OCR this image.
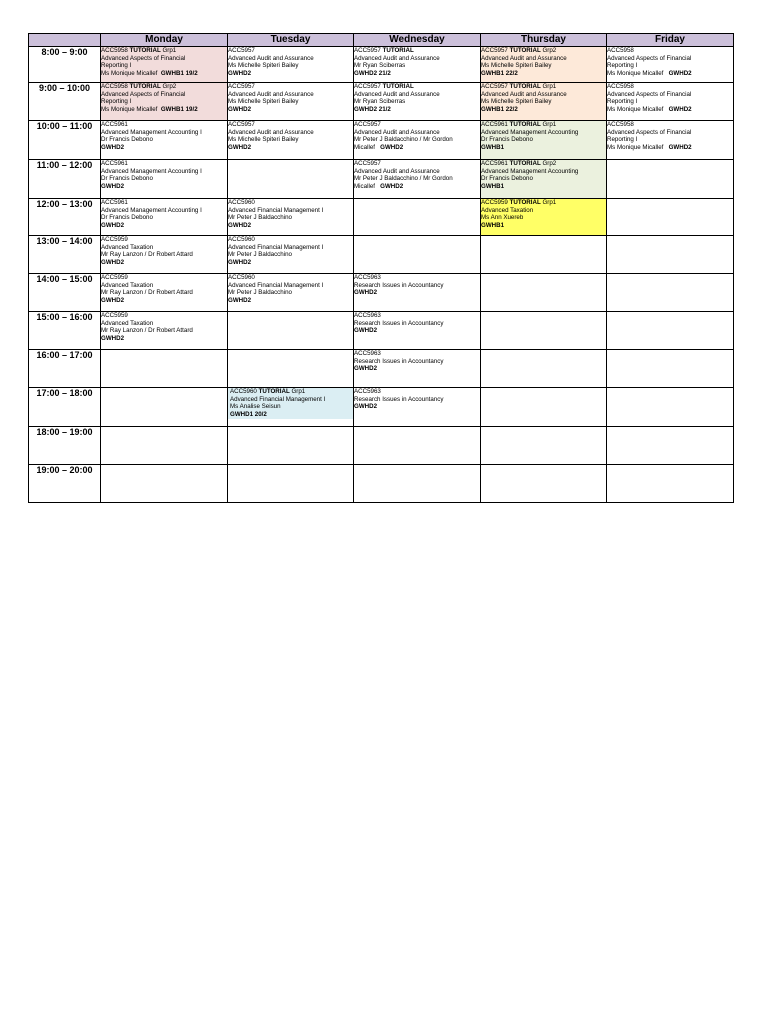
	Monday	Tuesday	Wednesday	Thursday	Friday
8:00 – 9:00	ACC5958 TUTORIAL Grp1
Advanced Aspects of Financial
Reporting I
Ms Monique Micallef GWHB1 19/2	ACC5957
Advanced Audit and Assurance
Ms Michelle Spiteri Bailey
GWHD2	ACC5957 TUTORIAL
Advanced Audit and Assurance
Mr Ryan Sciberras
GWHD2 21/2	ACC5957 TUTORIAL Grp2
Advanced Audit and Assurance
Ms Michelle Spiteri Bailey
GWHB1 22/2	ACC5958
Advanced Aspects of Financial
Reporting I
Ms Monique Micallef GWHD2

9:00 – 10:00	ACC5958 TUTORIAL Grp2
Advanced Aspects of Financial
Reporting I
Ms Monique Micallef GWHB1 19/2	ACC5957
Advanced Audit and Assurance
Ms Michelle Spiteri Bailey
GWHD2	ACC5957 TUTORIAL
Advanced Audit and Assurance
Mr Ryan Sciberras
GWHD2 21/2	ACC5957 TUTORIAL Grp1
Advanced Audit and Assurance
Ms Michelle Spiteri Bailey
GWHB1 22/2	ACC5958
Advanced Aspects of Financial
Reporting I
Ms Monique Micallef GWHD2

10:00 – 11:00	ACC5961
Advanced Management Accounting I
Dr Francis Debono
GWHD2	ACC5957
Advanced Audit and Assurance
Ms Michelle Spiteri Bailey
GWHD2	ACC5957
Advanced Audit and Assurance
Mr Peter J Baldacchino / Mr Gordon
Micallef GWHD2	ACC5961 TUTORIAL Grp1
Advanced Management Accounting
Dr Francis Debono
GWHB1	ACC5958
Advanced Aspects of Financial
Reporting I
Ms Monique Micallef GWHD2

11:00 – 12:00	ACC5961
Advanced Management Accounting I
Dr Francis Debono
GWHD2		ACC5957
Advanced Audit and Assurance
Mr Peter J Baldacchino / Mr Gordon
Micallef GWHD2	ACC5961 TUTORIAL Grp2
Advanced Management Accounting
Dr Francis Debono
GWHB1	

12:00 – 13:00	ACC5961
Advanced Management Accounting I
Dr Francis Debono
GWHD2	ACC5960
Advanced Financial Management I
Mr Peter J Baldacchino
GWHD2		ACC5959 TUTORIAL Grp1
Advanced Taxation
Ms Ann Xuereb
GWHB1	

13:00 – 14:00	ACC5959
Advanced Taxation
Mr Ray Lanzon / Dr Robert Attard
GWHD2	ACC5960
Advanced Financial Management I
Mr Peter J Baldacchino
GWHD2			

14:00 – 15:00	ACC5959
Advanced Taxation
Mr Ray Lanzon / Dr Robert Attard
GWHD2	ACC5960
Advanced Financial Management I
Mr Peter J Baldacchino
GWHD2	ACC5963
Research Issues in Accountancy
GWHD2		

15:00 – 16:00	ACC5959
Advanced Taxation
Mr Ray Lanzon / Dr Robert Attard
GWHD2		ACC5963
Research Issues in Accountancy
GWHD2		

16:00 – 17:00			ACC5963
Research Issues in Accountancy
GWHD2		

17:00 – 18:00		ACC5960 TUTORIAL Grp1
Advanced Financial Management I
Ms Analise Seisun
GWHD1 20/2	ACC5963
Research Issues in Accountancy
GWHD2		

18:00 – 19:00					
19:00 – 20:00					
